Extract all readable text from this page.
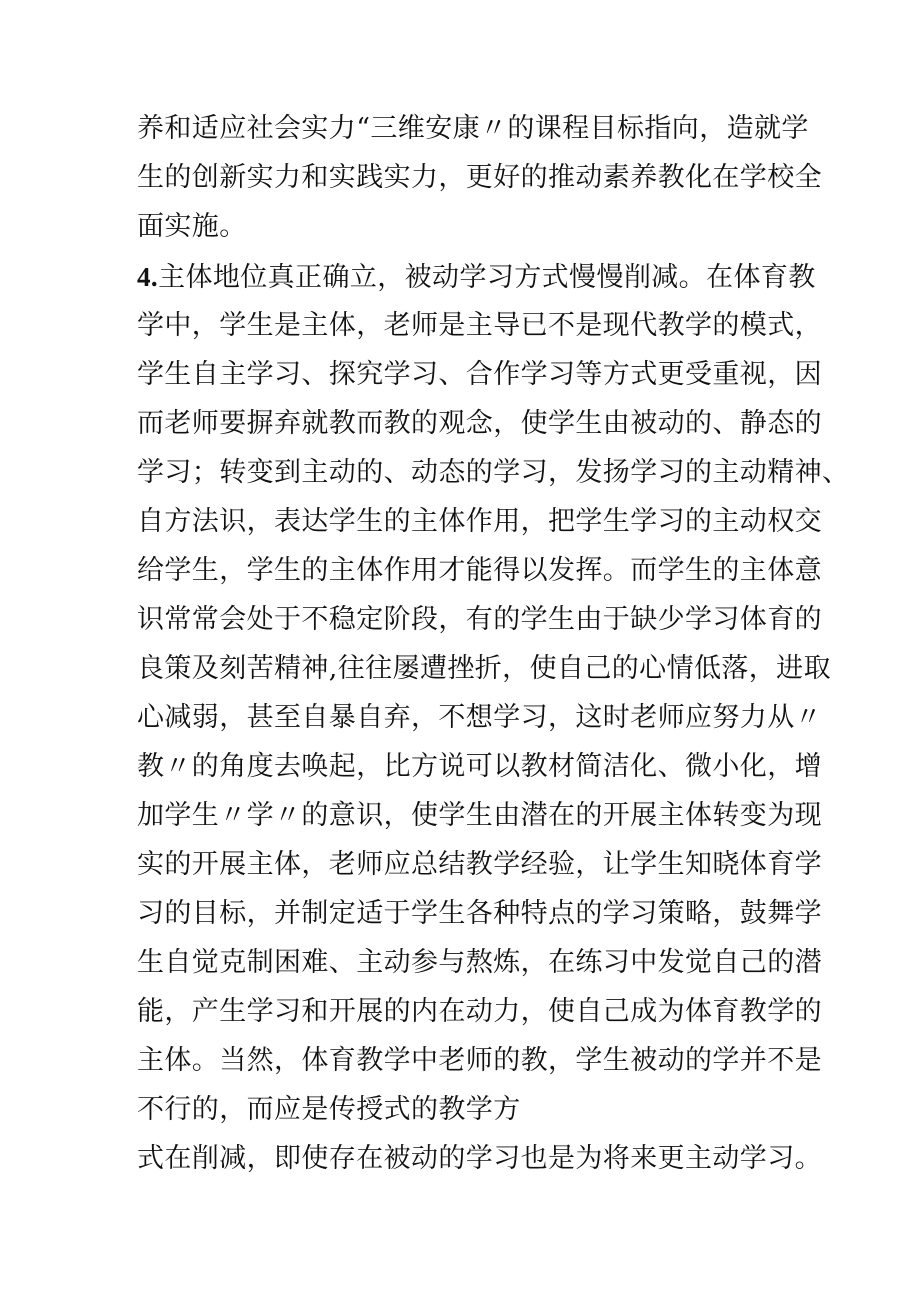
养和适应社会实力“三维安康〃的课程目标指向，造就学
生的创新实力和实践实力，更好的推动素养教化在学校全
面实施。
4.主体地位真正确立，被动学习方式慢慢削减。在体育教
学中，学生是主体，老师是主导已不是现代教学的模式，
学生自主学习、探究学习、合作学习等方式更受重视，因
而老师要摒弃就教而教的观念，使学生由被动的、静态的
学习；转变到主动的、动态的学习，发扬学习的主动精神、
自方法识，表达学生的主体作用，把学生学习的主动权交
给学生，学生的主体作用才能得以发挥。而学生的主体意
识常常会处于不稳定阶段，有的学生由于缺少学习体育的
良策及刻苦精神,往往屡遭挫折，使自己的心情低落，进取
心减弱，甚至自暴自弃，不想学习，这时老师应努力从〃
教〃的角度去唤起，比方说可以教材简洁化、微小化，增
加学生〃学〃的意识，使学生由潜在的开展主体转变为现
实的开展主体，老师应总结教学经验，让学生知晓体育学
习的目标，并制定适于学生各种特点的学习策略，鼓舞学
生自觉克制困难、主动参与熬炼，在练习中发觉自己的潜
能，产生学习和开展的内在动力，使自己成为体育教学的
主体。当然，体育教学中老师的教，学生被动的学并不是
不行的，而应是传授式的教学方
式在削减，即使存在被动的学习也是为将来更主动学习。
